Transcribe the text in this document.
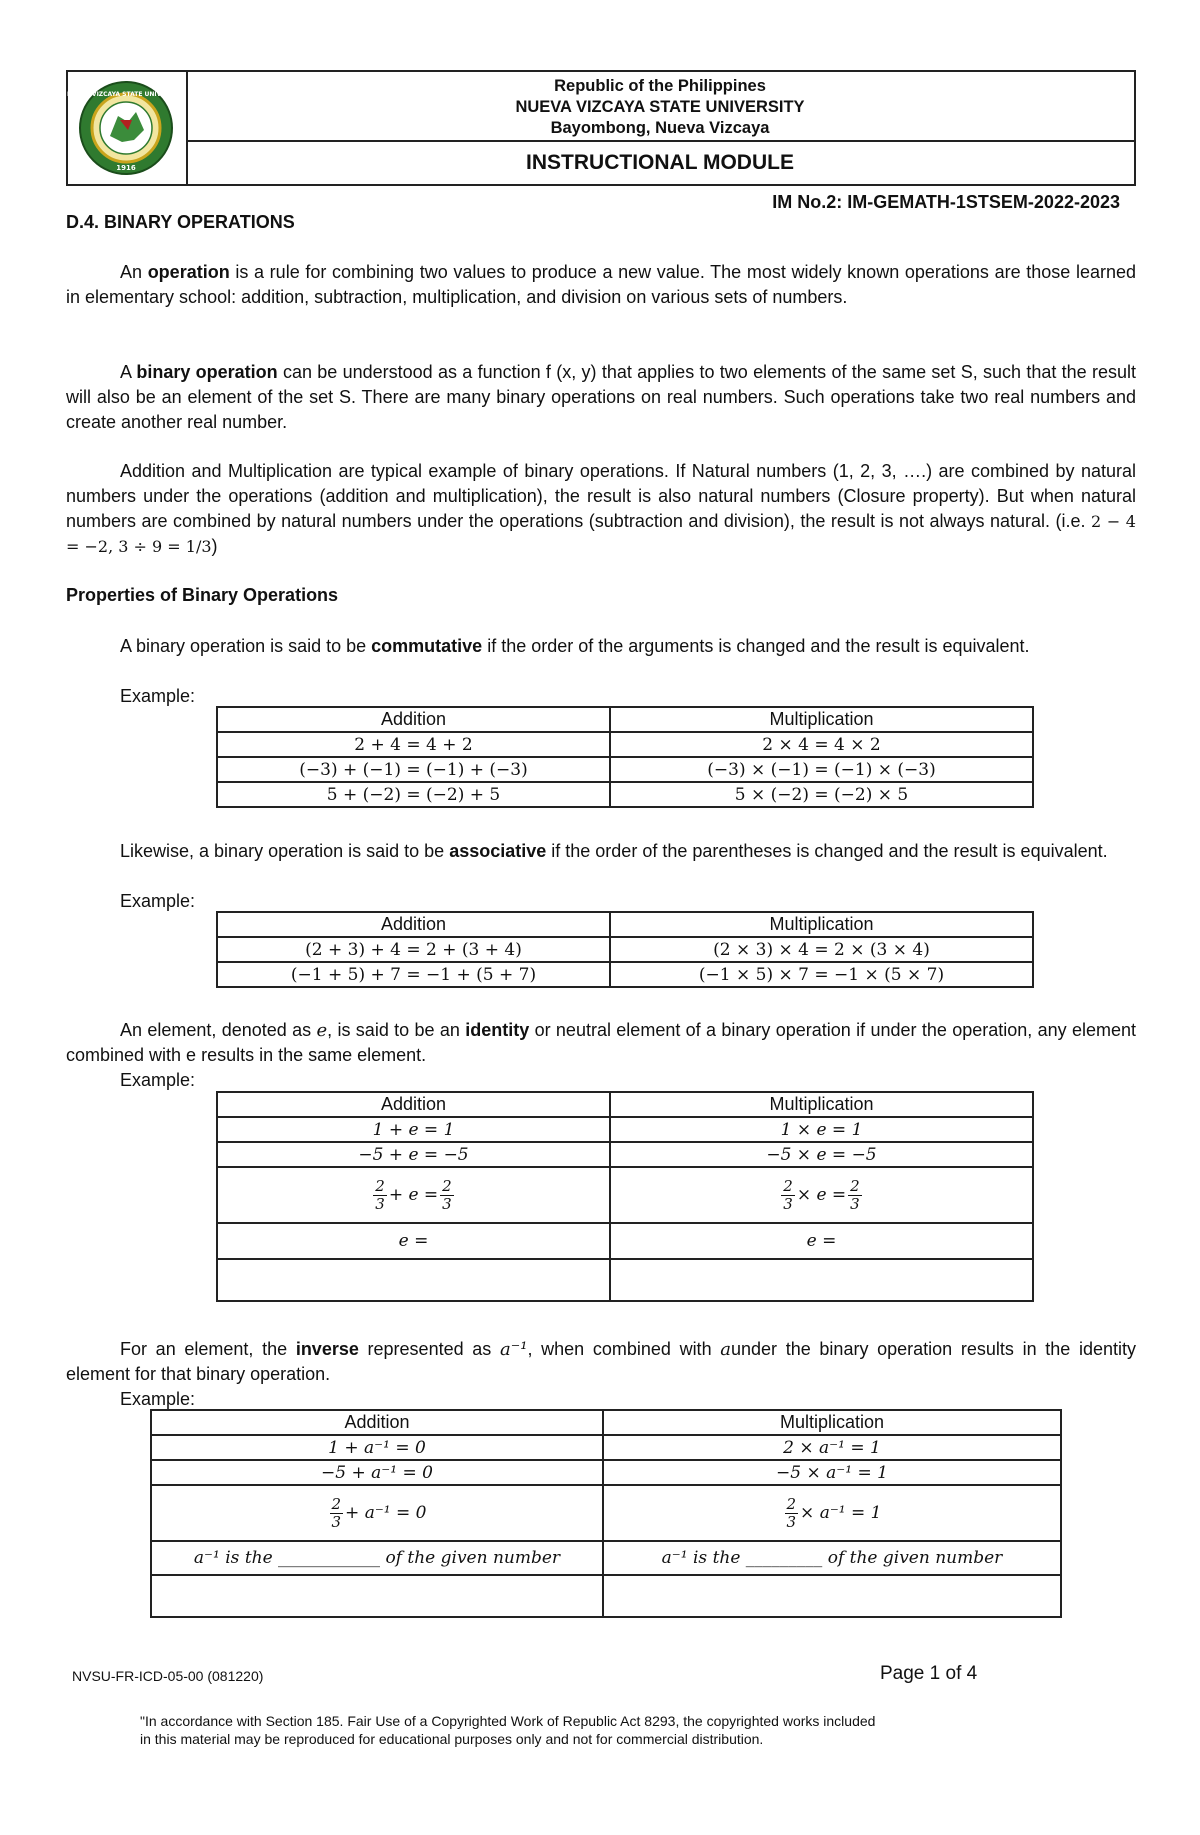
NUEVA VIZCAYA STATE UNIVERSITY
1916
Republic of the Philippines
NUEVA VIZCAYA STATE UNIVERSITY
Bayombong, Nueva Vizcaya
INSTRUCTIONAL MODULE
IM No.2: IM-GEMATH-1STSEM-2022-2023
D.4. BINARY OPERATIONS

An operation is a rule for combining two values to produce a new value. The most widely known operations are those learned in elementary school: addition, subtraction, multiplication, and division on various sets of numbers.

A binary operation can be understood as a function f (x, y) that applies to two elements of the same set S, such that the result will also be an element of the set S. There are many binary operations on real numbers. Such operations take two real numbers and create another real number.

Addition and Multiplication are typical example of binary operations. If Natural numbers (1, 2, 3, ….) are combined by natural numbers under the operations (addition and multiplication), the result is also natural numbers (Closure property). But when natural numbers are combined by natural numbers under the operations (subtraction and division), the result is not always natural. (i.e. 2 − 4 = −2, 3 ÷ 9 = 1/3)

Properties of Binary Operations

A binary operation is said to be commutative if the order of the arguments is changed and the result is equivalent.

Example:
Addition	Multiplication
2 + 4 = 4 + 2	2 × 4 = 4 × 2
(−3) + (−1) = (−1) + (−3)	(−3) × (−1) = (−1) × (−3)
5 + (−2) = (−2) + 5	5 × (−2) = (−2) × 5

Likewise, a binary operation is said to be associative if the order of the parentheses is changed and the result is equivalent.

Example:
Addition	Multiplication
(2 + 3) + 4 = 2 + (3 + 4)	(2 × 3) × 4 = 2 × (3 × 4)
(−1 + 5) + 7 = −1 + (5 + 7)	(−1 × 5) × 7 = −1 × (5 × 7)

An element, denoted as e, is said to be an identity or neutral element of a binary operation if under the operation, any element combined with e results in the same element.

Example:
Addition	Multiplication
1 + e = 1	1 × e = 1
−5 + e = −5	−5 × e = −5

$\frac{2}{3} + e = \frac{2}{3}$	$\frac{2}{3} \times e = \frac{2}{3}$

e =	e =

For an element, the inverse represented as a⁻¹, when combined with aunder the binary operation results in the identity element for that binary operation.

Example:
Addition	Multiplication
1 + a⁻¹ = 0	2 × a⁻¹ = 1
−5 + a⁻¹ = 0	−5 × a⁻¹ = 1

$\frac{2}{3} + a^{-1} = 0$	$\frac{2}{3} \times a^{-1} = 1$
a⁻¹ is the ____________ of the given number	a⁻¹ is the _________ of the given number

NVSU-FR-ICD-05-00 (081220)	Page 1 of 4
"In accordance with Section 185. Fair Use of a Copyrighted Work of Republic Act 8293, the copyrighted works included
in this material may be reproduced for educational purposes only and not for commercial distribution.
